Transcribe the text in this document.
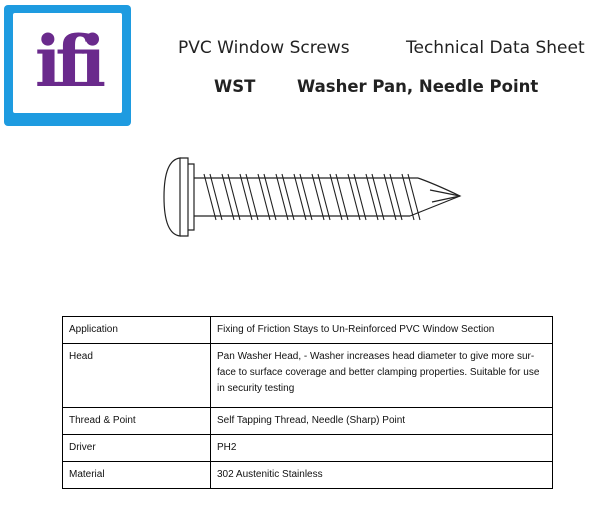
ifi	PVC Window Screws	Technical Data Sheet
WST	Washer Pan, Needle Point
Application	Fixing of Friction Stays to Un-Reinforced PVC Window Section
Head	Pan Washer Head, - Washer increases head diameter to give more sur-face to surface coverage and better clamping properties. Suitable for use in security testing
Thread & Point	Self Tapping Thread, Needle (Sharp) Point
Driver	PH2
Material	302 Austenitic Stainless
